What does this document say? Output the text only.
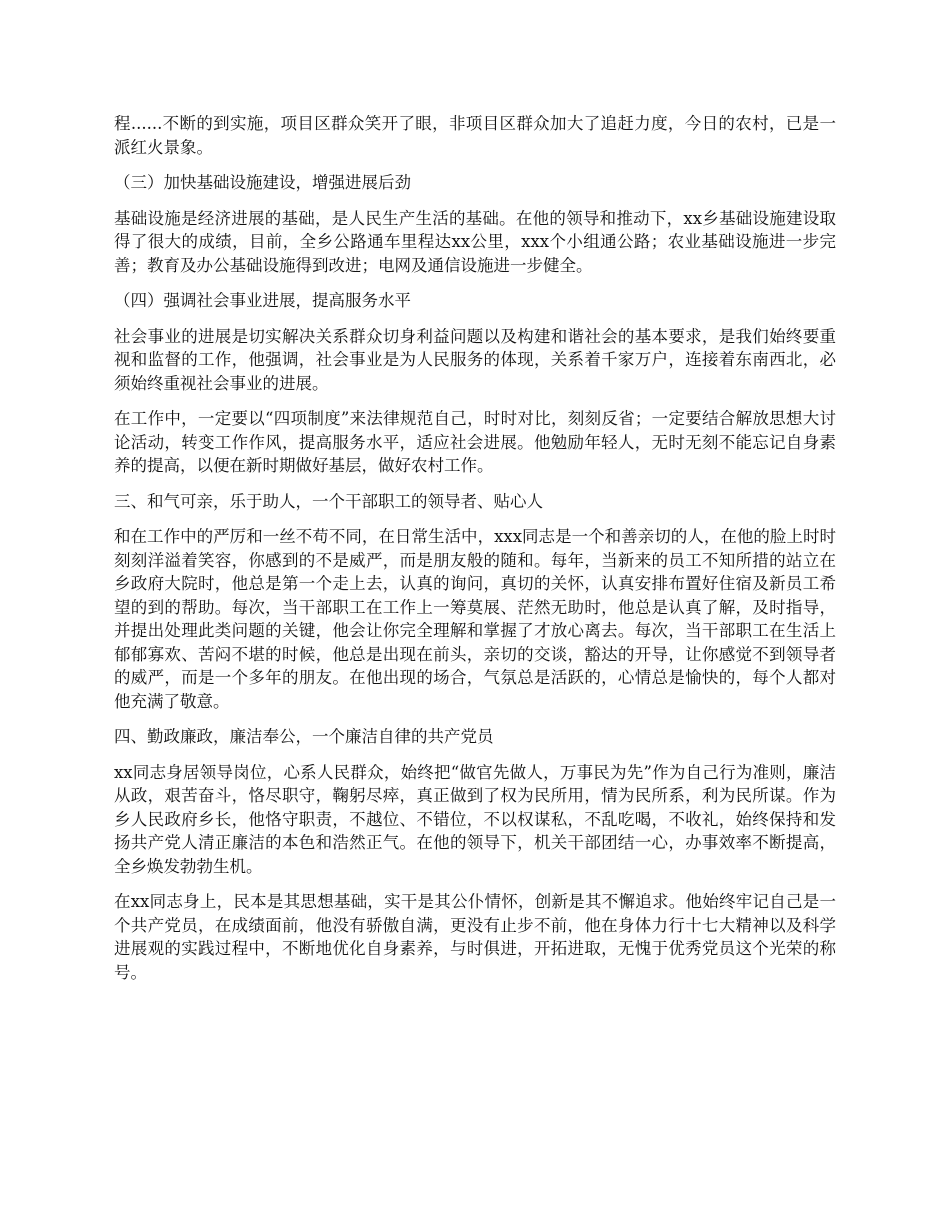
程......不断的到实施，项目区群众笑开了眼，非项目区群众加大了追赶力度，今日的农村，已是一派红火景象。

（三）加快基础设施建设，增强进展后劲

基础设施是经济进展的基础，是人民生产生活的基础。在他的领导和推动下，xx乡基础设施建设取得了很大的成绩，目前，全乡公路通车里程达xx公里，xxx个小组通公路；农业基础设施进一步完善；教育及办公基础设施得到改进；电网及通信设施进一步健全。

（四）强调社会事业进展，提高服务水平

社会事业的进展是切实解决关系群众切身利益问题以及构建和谐社会的基本要求，是我们始终要重视和监督的工作，他强调，社会事业是为人民服务的体现，关系着千家万户，连接着东南西北，必须始终重视社会事业的进展。

在工作中，一定要以“四项制度”来法律规范自己，时时对比，刻刻反省；一定要结合解放思想大讨论活动，转变工作作风，提高服务水平，适应社会进展。他勉励年轻人，无时无刻不能忘记自身素养的提高，以便在新时期做好基层，做好农村工作。

三、和气可亲，乐于助人，一个干部职工的领导者、贴心人

和在工作中的严厉和一丝不苟不同，在日常生活中，xxx同志是一个和善亲切的人，在他的脸上时时刻刻洋溢着笑容，你感到的不是威严，而是朋友般的随和。每年，当新来的员工不知所措的站立在乡政府大院时，他总是第一个走上去，认真的询问，真切的关怀，认真安排布置好住宿及新员工希望的到的帮助。每次，当干部职工在工作上一筹莫展、茫然无助时，他总是认真了解，及时指导，并提出处理此类问题的关键，他会让你完全理解和掌握了才放心离去。每次，当干部职工在生活上郁郁寡欢、苦闷不堪的时候，他总是出现在前头，亲切的交谈，豁达的开导，让你感觉不到领导者的威严，而是一个多年的朋友。在他出现的场合，气氛总是活跃的，心情总是愉快的，每个人都对他充满了敬意。

四、勤政廉政，廉洁奉公，一个廉洁自律的共产党员

xx同志身居领导岗位，心系人民群众，始终把“做官先做人，万事民为先”作为自己行为准则，廉洁从政，艰苦奋斗，恪尽职守，鞠躬尽瘁，真正做到了权为民所用，情为民所系，利为民所谋。作为乡人民政府乡长，他恪守职责，不越位、不错位，不以权谋私，不乱吃喝，不收礼，始终保持和发扬共产党人清正廉洁的本色和浩然正气。在他的领导下，机关干部团结一心，办事效率不断提高，全乡焕发勃勃生机。

在xx同志身上，民本是其思想基础，实干是其公仆情怀，创新是其不懈追求。他始终牢记自己是一个共产党员，在成绩面前，他没有骄傲自满，更没有止步不前，他在身体力行十七大精神以及科学进展观的实践过程中，不断地优化自身素养，与时俱进，开拓进取，无愧于优秀党员这个光荣的称号。
